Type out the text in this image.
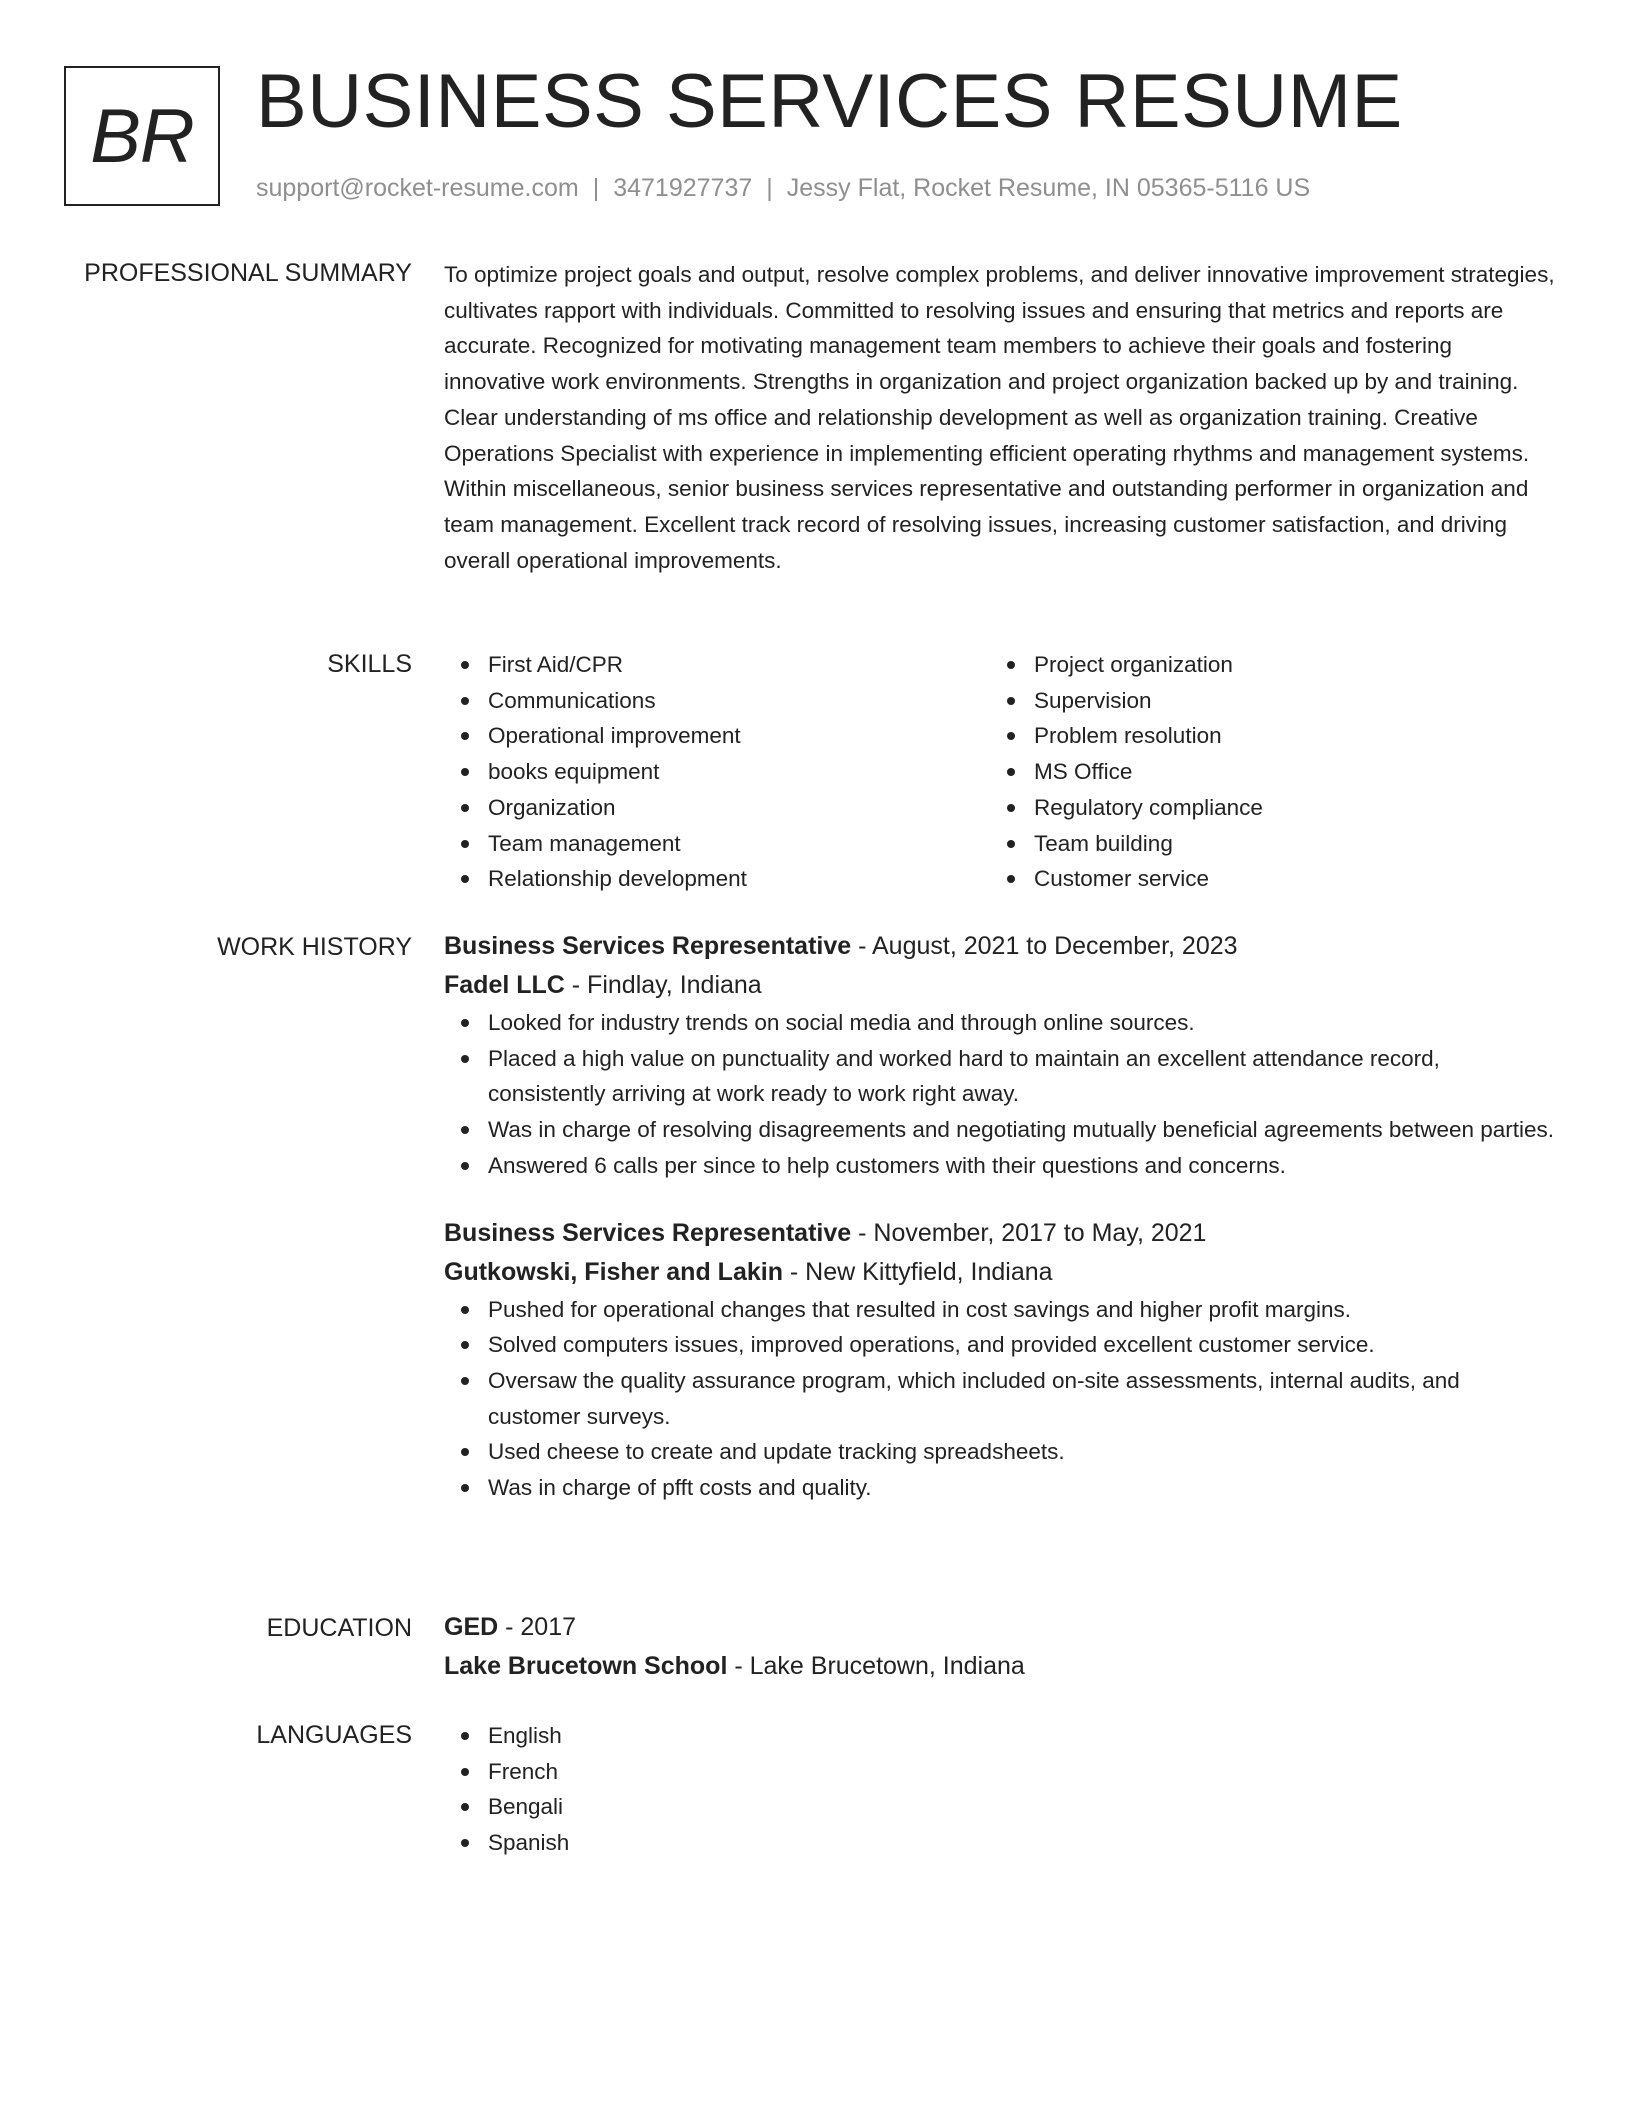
BR BUSINESS SERVICES RESUME
support@rocket-resume.com | 3471927737 | Jessy Flat, Rocket Resume, IN 05365-5116 US
PROFESSIONAL SUMMARY To optimize project goals and output, resolve complex problems, and deliver innovative improvement strategies, cultivates rapport with individuals. Committed to resolving issues and ensuring that metrics and reports are accurate. Recognized for motivating management team members to achieve their goals and fostering innovative work environments. Strengths in organization and project organization backed up by and training. Clear understanding of ms office and relationship development as well as organization training. Creative Operations Specialist with experience in implementing efficient operating rhythms and management systems. Within miscellaneous, senior business services representative and outstanding performer in organization and team management. Excellent track record of resolving issues, increasing customer satisfaction, and driving overall operational improvements.

SKILLS	First Aid/CPR
Communications
Operational improvement
books equipment
Organization
Team management
Relationship development
Project organization
Supervision
Problem resolution
MS Office
Regulatory compliance
Team building
Customer service
WORK HISTORY Business Services Representative - August, 2021 to December, 2023
Fadel LLC - Findlay, Indiana
Looked for industry trends on social media and through online sources.
Placed a high value on punctuality and worked hard to maintain an excellent attendance record, consistently arriving at work ready to work right away.
Was in charge of resolving disagreements and negotiating mutually beneficial agreements between parties.
Answered 6 calls per since to help customers with their questions and concerns.
Business Services Representative - November, 2017 to May, 2021
Gutkowski, Fisher and Lakin - New Kittyfield, Indiana
Pushed for operational changes that resulted in cost savings and higher profit margins.
Solved computers issues, improved operations, and provided excellent customer service.
Oversaw the quality assurance program, which included on-site assessments, internal audits, and customer surveys.
Used cheese to create and update tracking spreadsheets.
Was in charge of pfft costs and quality.
EDUCATION GED - 2017
Lake Brucetown School - Lake Brucetown, Indiana
LANGUAGES	English
French
Bengali
Spanish
